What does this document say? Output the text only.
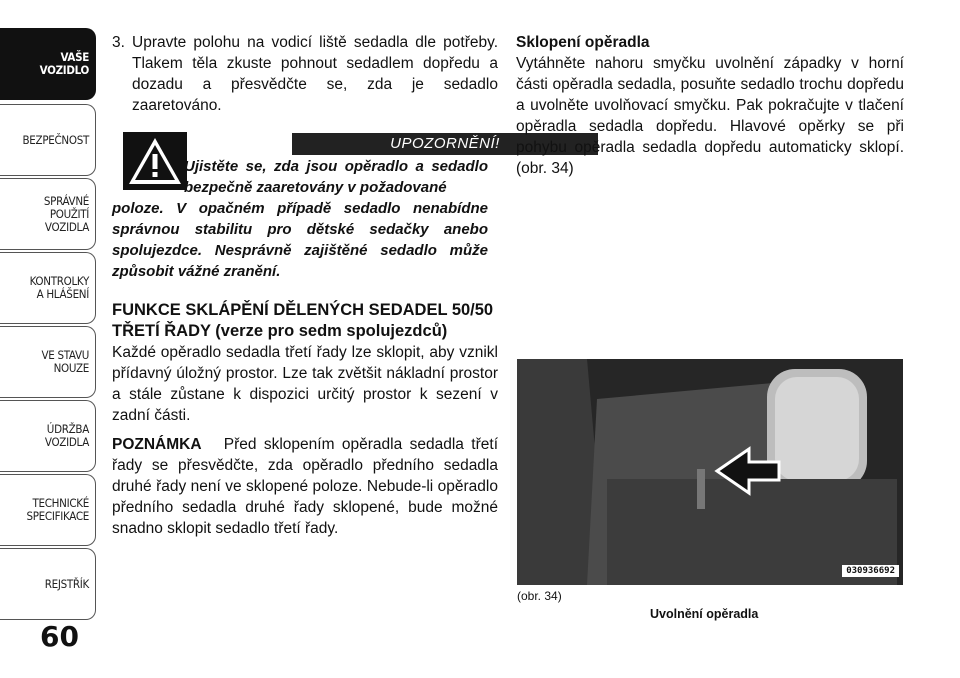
VAŠE
VOZIDLO
BEZPEČNOST
SPRÁVNÉ
POUŽITÍ
VOZIDLA
KONTROLKY
A HLÁŠENÍ
VE STAVU
NOUZE
ÚDRŽBA
VOZIDLA
TECHNICKÉ
SPECIFIKACE
REJSTŘÍK
60
3. Upravte polohu na vodicí liště sedadla dle potřeby. Tlakem těla zkuste pohnout sedadlem dopředu a dozadu a přesvědčte se, zda je sedadlo zaaretováno.
UPOZORNĚNÍ!
Ujistěte se, zda jsou opěradlo a sedadlo bezpečně zaaretovány v požadované
poloze. V opačném případě sedadlo nenabídne správnou stabilitu pro dětské sedačky anebo spolujezdce. Nesprávně zajištěné sedadlo může způsobit vážné zranění.
FUNKCE SKLÁPĚNÍ DĚLENÝCH SEDADEL 50/50 TŘETÍ ŘADY (verze pro sedm spolujezdců)
Každé opěradlo sedadla třetí řady lze sklopit, aby vznikl přídavný úložný prostor. Lze tak zvětšit nákladní prostor a stále zůstane k dispozici určitý prostor k sezení v zadní části.
POZNÁMKA Před sklopením opěradla sedadla třetí řady se přesvědčte, zda opěradlo předního sedadla druhé řady není ve sklopené poloze. Nebude-li opěradlo předního sedadla druhé řady sklopené, bude možné snadno sklopit sedadlo třetí řady.
Sklopení opěradla
Vytáhněte nahoru smyčku uvolnění západky v horní části opěradla sedadla, posuňte sedadlo trochu dopředu a uvolněte uvolňovací smyčku. Pak pokračujte v tlačení opěradla sedadla dopředu. Hlavové opěrky se při pohybu opěradla sedadla dopředu automaticky sklopí. (obr. 34)
030936692
(obr. 34)
Uvolnění opěradla
